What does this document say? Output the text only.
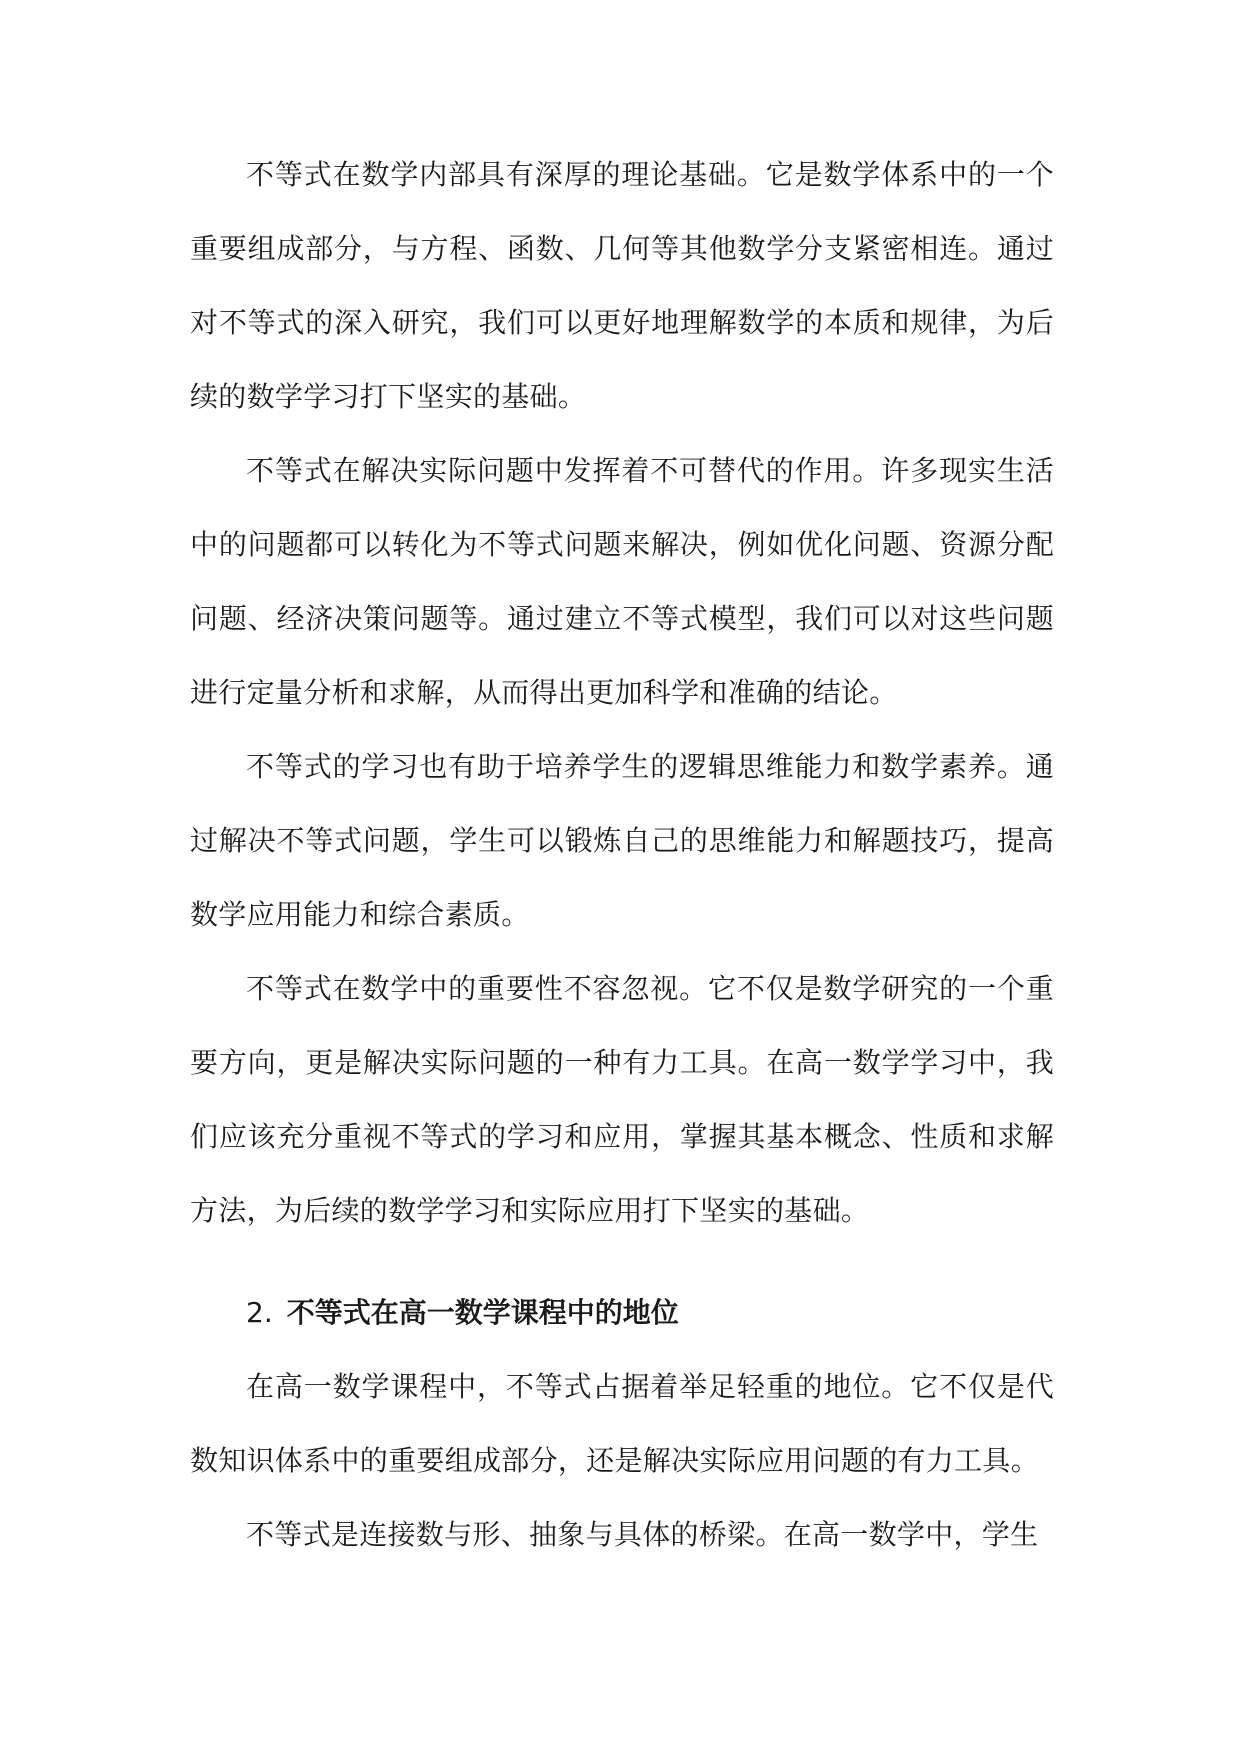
不等式在数学内部具有深厚的理论基础。它是数学体系中的一个重要组成部分，与方程、函数、几何等其他数学分支紧密相连。通过对不等式的深入研究，我们可以更好地理解数学的本质和规律，为后续的数学学习打下坚实的基础。

不等式在解决实际问题中发挥着不可替代的作用。许多现实生活中的问题都可以转化为不等式问题来解决，例如优化问题、资源分配问题、经济决策问题等。通过建立不等式模型，我们可以对这些问题进行定量分析和求解，从而得出更加科学和准确的结论。

不等式的学习也有助于培养学生的逻辑思维能力和数学素养。通过解决不等式问题，学生可以锻炼自己的思维能力和解题技巧，提高数学应用能力和综合素质。

不等式在数学中的重要性不容忽视。它不仅是数学研究的一个重要方向，更是解决实际问题的一种有力工具。在高一数学学习中，我们应该充分重视不等式的学习和应用，掌握其基本概念、性质和求解方法，为后续的数学学习和实际应用打下坚实的基础。

2. 不等式在高一数学课程中的地位

在高一数学课程中，不等式占据着举足轻重的地位。它不仅是代数知识体系中的重要组成部分，还是解决实际应用问题的有力工具。

不等式是连接数与形、抽象与具体的桥梁。在高一数学中，学生
